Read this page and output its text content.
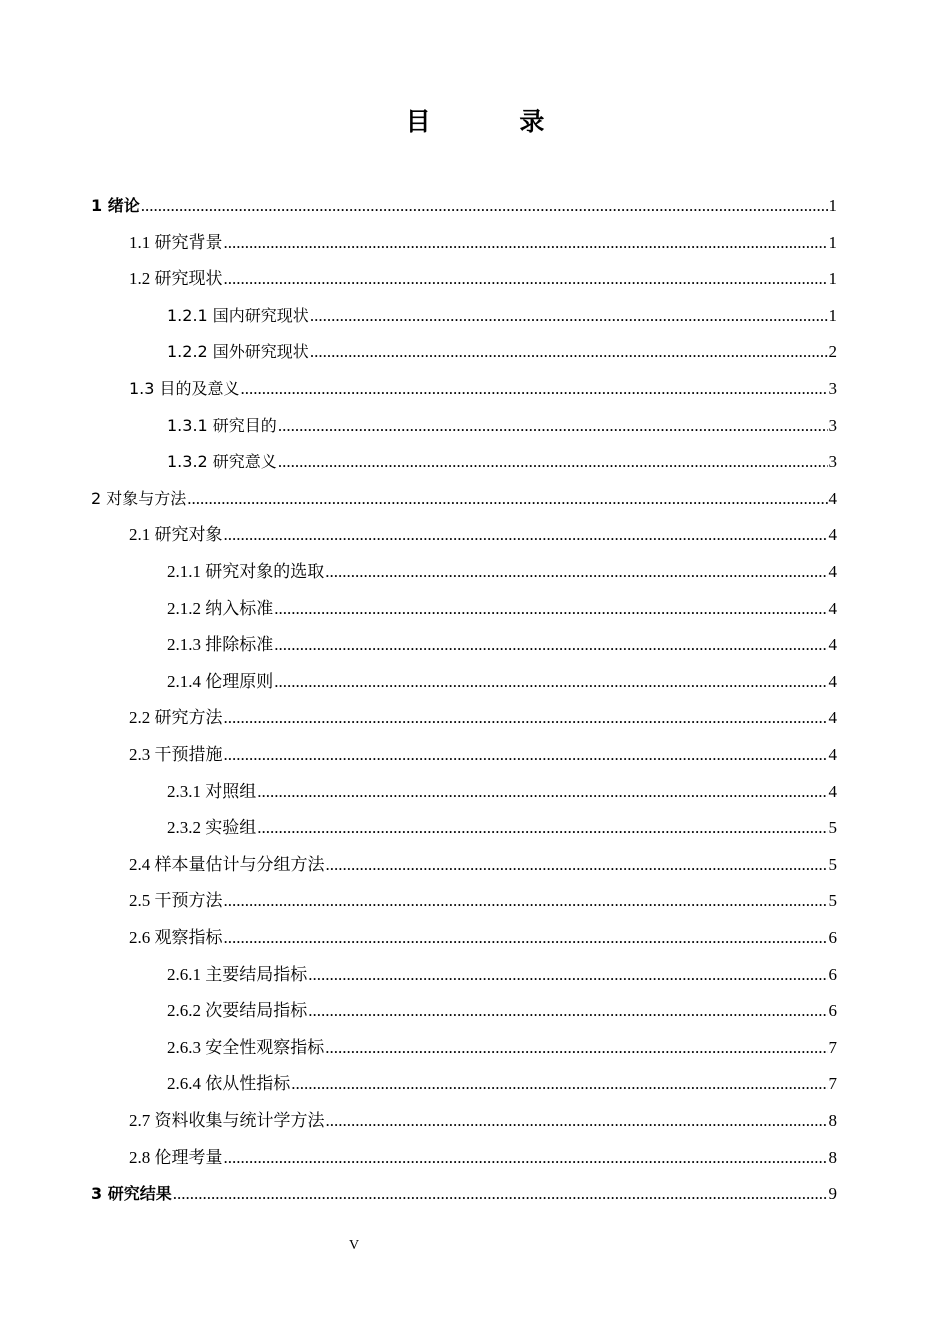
目 录
1 绪论 .....	1
1.1 研究背景 .....	1
1.2 研究现状 .....	1
1.2.1 国内研究现状 .....	1
1.2.2 国外研究现状 .....	2
1.3 目的及意义 .....	3
1.3.1 研究目的 .....	3
1.3.2 研究意义 .....	3
2 对象与方法 .....	4
2.1 研究对象 .....	4
2.1.1 研究对象的选取 .....	4
2.1.2 纳入标准 .....	4
2.1.3 排除标准 .....	4
2.1.4 伦理原则 .....	4
2.2 研究方法 .....	4
2.3 干预措施 .....	4
2.3.1 对照组 .....	4
2.3.2 实验组 .....	5
2.4 样本量估计与分组方法 .....	5
2.5 干预方法 .....	5
2.6 观察指标 .....	6
2.6.1 主要结局指标 .....	6
2.6.2 次要结局指标 .....	6
2.6.3 安全性观察指标 .....	7
2.6.4 依从性指标 .....	7
2.7 资料收集与统计学方法 .....	8
2.8 伦理考量 .....	8
3 研究结果 .....	9
V
